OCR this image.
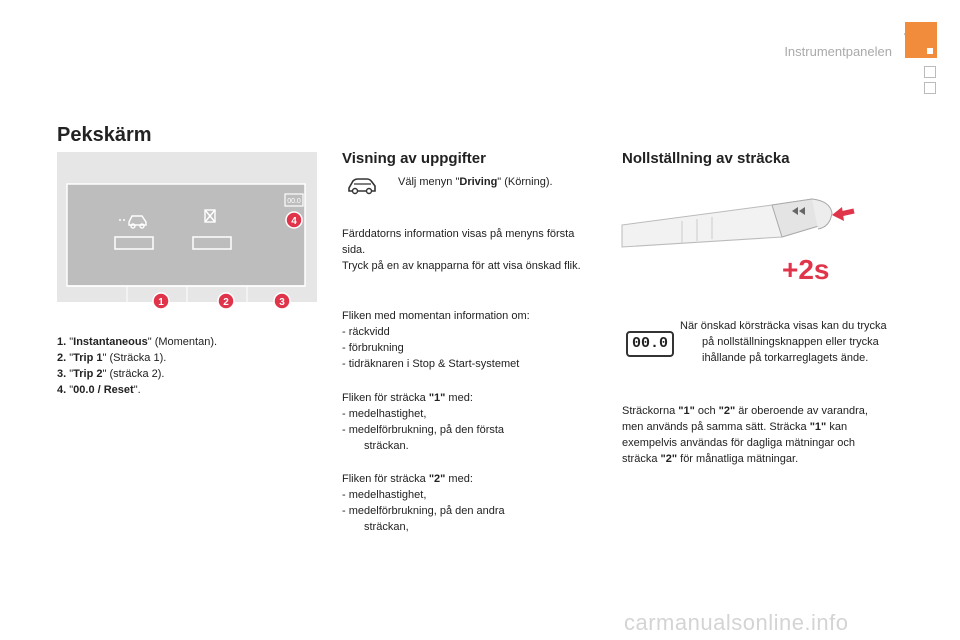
Instrumentpanelen
Pekskärm
00.0
4
1	2	3
1. "Instantaneous" (Momentan).
2. "Trip 1" (Sträcka 1).
3. "Trip 2" (sträcka 2).
4. "00.0 / Reset".
Visning av uppgifter
Välj menyn "Driving" (Körning).
Färddatorns information visas på menyns första sida.
Tryck på en av knapparna för att visa önskad flik.
Fliken med momentan information om:
- räckvidd
- förbrukning
- tidräknaren i Stop & Start-systemet
Fliken för sträcka "1" med:
- medelhastighet,
- medelförbrukning, på den första sträckan.
Fliken för sträcka "2" med:
- medelhastighet,
- medelförbrukning, på den andra sträckan,
Nollställning av sträcka
+2s
00.0
När önskad körsträcka visas kan du trycka på nollställningsknappen eller trycka ihållande på torkarreglagets ände.
Sträckorna "1" och "2" är oberoende av varandra, men används på samma sätt. Sträcka "1" kan exempelvis användas för dagliga mätningar och sträcka "2" för månatliga mätningar.
carmanualsonline.info
